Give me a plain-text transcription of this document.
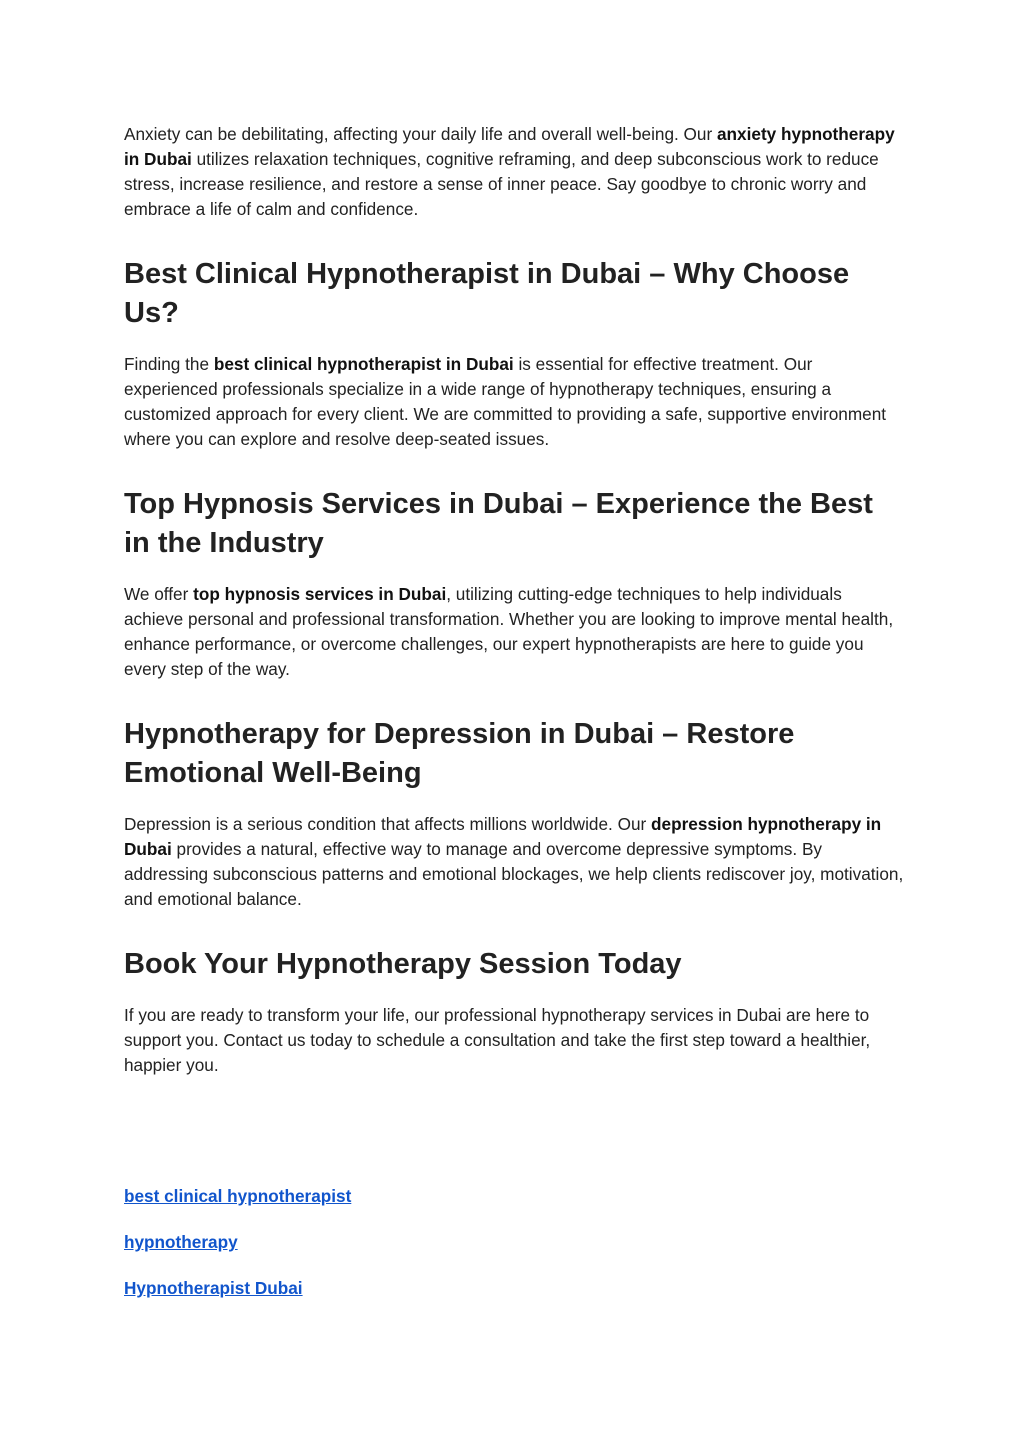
Anxiety can be debilitating, affecting your daily life and overall well-being. Our anxiety hypnotherapy in Dubai utilizes relaxation techniques, cognitive reframing, and deep subconscious work to reduce stress, increase resilience, and restore a sense of inner peace. Say goodbye to chronic worry and embrace a life of calm and confidence.

Best Clinical Hypnotherapist in Dubai – Why Choose Us?

Finding the best clinical hypnotherapist in Dubai is essential for effective treatment. Our experienced professionals specialize in a wide range of hypnotherapy techniques, ensuring a customized approach for every client. We are committed to providing a safe, supportive environment where you can explore and resolve deep-seated issues.

Top Hypnosis Services in Dubai – Experience the Best in the Industry

We offer top hypnosis services in Dubai, utilizing cutting-edge techniques to help individuals achieve personal and professional transformation. Whether you are looking to improve mental health, enhance performance, or overcome challenges, our expert hypnotherapists are here to guide you every step of the way.

Hypnotherapy for Depression in Dubai – Restore Emotional Well-Being

Depression is a serious condition that affects millions worldwide. Our depression hypnotherapy in Dubai provides a natural, effective way to manage and overcome depressive symptoms. By addressing subconscious patterns and emotional blockages, we help clients rediscover joy, motivation, and emotional balance.

Book Your Hypnotherapy Session Today

If you are ready to transform your life, our professional hypnotherapy services in Dubai are here to support you. Contact us today to schedule a consultation and take the first step toward a healthier, happier you.

best clinical hypnotherapist
hypnotherapy
Hypnotherapist Dubai
